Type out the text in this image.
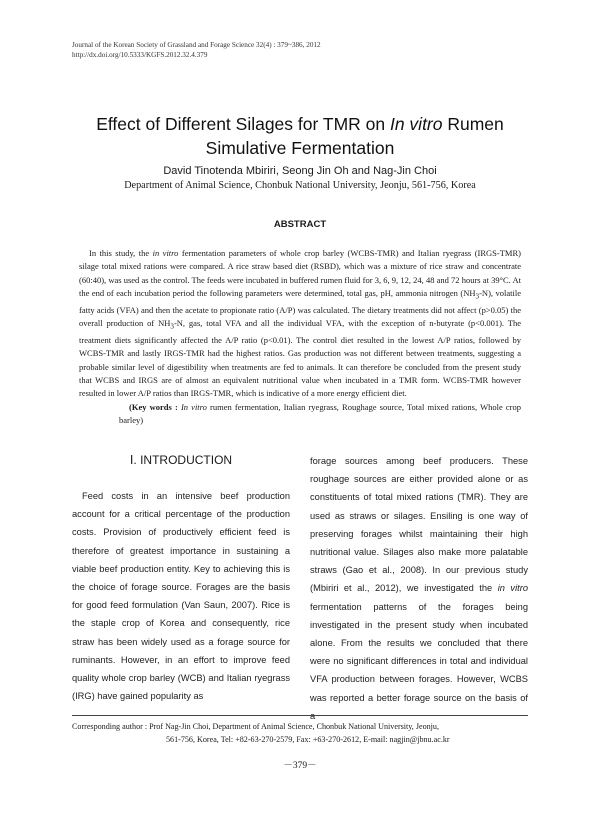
Journal of the Korean Society of Grassland and Forage Science 32(4) : 379~386, 2012
http://dx.doi.org/10.5333/KGFS.2012.32.4.379
Effect of Different Silages for TMR on In vitro Rumen
Simulative Fermentation
David Tinotenda Mbiriri, Seong Jin Oh and Nag-Jin Choi
Department of Animal Science, Chonbuk National University, Jeonju, 561-756, Korea
ABSTRACT

In this study, the in vitro fermentation parameters of whole crop barley (WCBS-TMR) and Italian ryegrass (IRGS-TMR) silage total mixed rations were compared. A rice straw based diet (RSBD), which was a mixture of rice straw and concentrate (60:40), was used as the control. The feeds were incubated in buffered rumen fluid for 3, 6, 9, 12, 24, 48 and 72 hours at 39°C. At the end of each incubation period the following parameters were determined, total gas, pH, ammonia nitrogen $(NH_3-N)$, volatile fatty acids (VFA) and then the acetate to propionate ratio (A/P) was calculated. The dietary treatments did not affect (p>0.05) the overall production of $NH_3-N$, gas, total VFA and all the individual VFA, with the exception of n-butyrate (p<0.001). The treatment diets significantly affected the A/P ratio (p<0.01). The control diet resulted in the lowest A/P ratios, followed by WCBS-TMR and lastly IRGS-TMR had the highest ratios. Gas production was not different between treatments, suggesting a probable similar level of digestibility when treatments are fed to animals. It can therefore be concluded from the present study that WCBS and IRGS are of almost an equivalent nutritional value when incubated in a TMR form. WCBS-TMR however resulted in lower A/P ratios than IRGS-TMR, which is indicative of a more energy efficient diet.

(Key words : In vitro rumen fermentation, Italian ryegrass, Roughage source, Total mixed rations, Whole crop barley)

Ⅰ. INTRODUCTION

Feed costs in an intensive beef production account for a critical percentage of the production costs. Provision of productively efficient feed is therefore of greatest importance in sustaining a viable beef production entity. Key to achieving this is the choice of forage source. Forages are the basis for good feed formulation (Van Saun, 2007). Rice is the staple crop of Korea and consequently, rice straw has been widely used as a forage source for ruminants. However, in an effort to improve feed quality whole crop barley (WCB) and Italian ryegrass (IRG) have gained popularity as

forage sources among beef producers. These roughage sources are either provided alone or as constituents of total mixed rations (TMR). They are used as straws or silages. Ensiling is one way of preserving forages whilst maintaining their high nutritional value. Silages also make more palatable straws (Gao et al., 2008). In our previous study (Mbiriri et al., 2012), we investigated the in vitro fermentation patterns of the forages being investigated in the present study when incubated alone. From the results we concluded that there were no significant differences in total and individual VFA production between forages. However, WCBS was reported a better forage source on the basis of a

Corresponding author : Prof Nag-Jin Choi, Department of Animal Science, Chonbuk National University, Jeonju,
561-756, Korea, Tel: +82-63-270-2579, Fax: +63-270-2612, E-mail: nagjin@jbnu.ac.kr
－379－
